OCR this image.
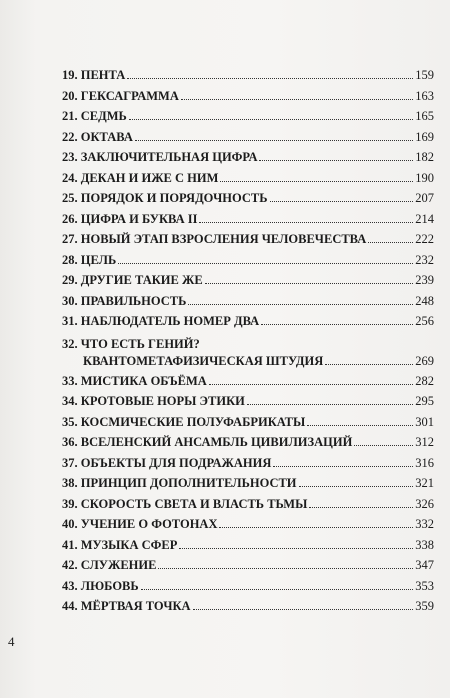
19. ПЕНТА	159
20. ГЕКСАГРАММА	163
21. СЕДМЬ	165
22. ОКТАВА	169
23. ЗАКЛЮЧИТЕЛЬНАЯ ЦИФРА	182
24. ДЕКАН И ИЖЕ С НИМ	190
25. ПОРЯДОК И ПОРЯДОЧНОСТЬ	207
26. ЦИФРА И БУКВА II	214
27. НОВЫЙ ЭТАП ВЗРОСЛЕНИЯ ЧЕЛОВЕЧЕСТВА	222
28. ЦЕЛЬ	232
29. ДРУГИЕ ТАКИЕ ЖЕ	239
30. ПРАВИЛЬНОСТЬ	248
31. НАБЛЮДАТЕЛЬ НОМЕР ДВА	256
32. ЧТО ЕСТЬ ГЕНИЙ?
КВАНТОМЕТАФИЗИЧЕСКАЯ ШТУДИЯ	269
33. МИСТИКА ОБЪЁМА	282
34. КРОТОВЫЕ НОРЫ ЭТИКИ	295
35. КОСМИЧЕСКИЕ ПОЛУФАБРИКАТЫ	301
36. ВСЕЛЕНСКИЙ АНСАМБЛЬ ЦИВИЛИЗАЦИЙ	312
37. ОБЪЕКТЫ ДЛЯ ПОДРАЖАНИЯ	316
38. ПРИНЦИП ДОПОЛНИТЕЛЬНОСТИ	321
39. СКОРОСТЬ СВЕТА И ВЛАСТЬ ТЬМЫ	326
40. УЧЕНИЕ О ФОТОНАХ	332
41. МУЗЫКА СФЕР	338
42. СЛУЖЕНИЕ	347
43. ЛЮБОВЬ	353
44. МЁРТВАЯ ТОЧКА	359
4
